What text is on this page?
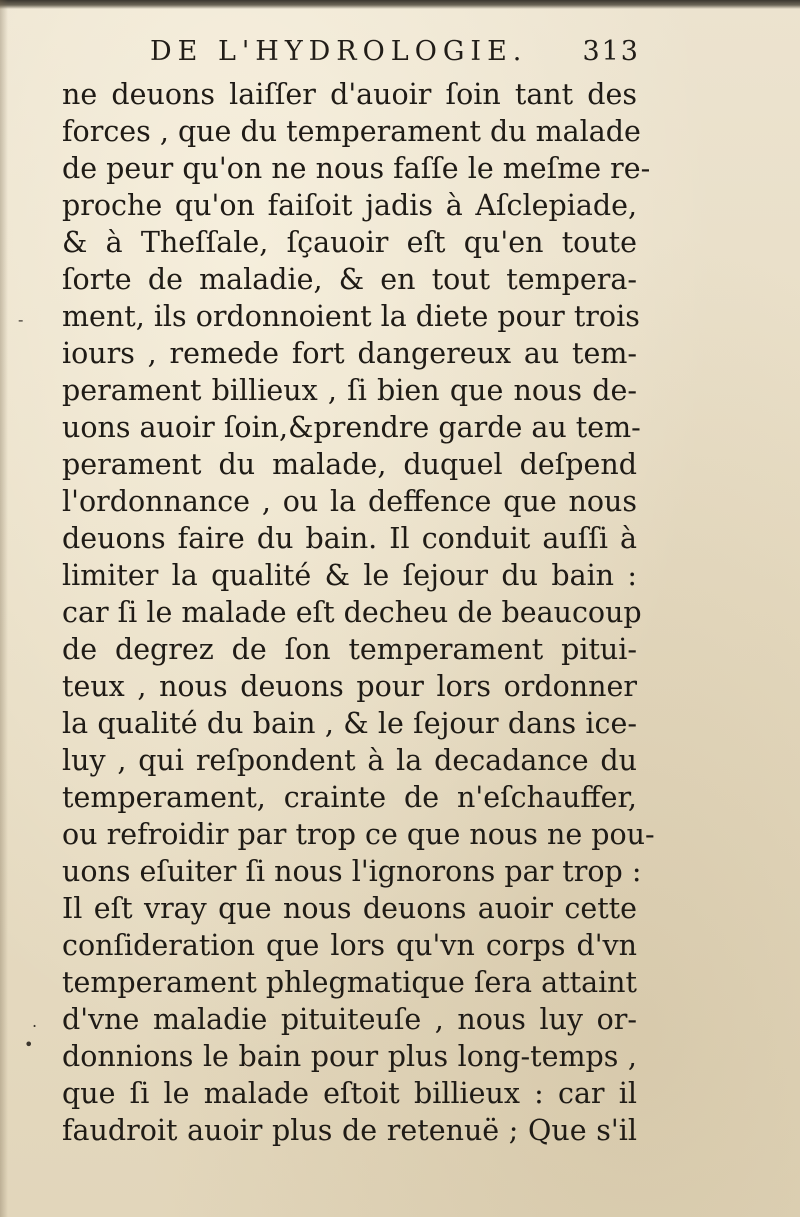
DE L'HYDROLOGIE. 313
-
.
•
ne deuons laiſſer d'auoir ſoin tant des
forces , que du temperament du malade
de peur qu'on ne nous faſſe le meſme re-
proche qu'on faiſoit jadis à Aſclepiade,
& à Theſſale, ſçauoir eſt qu'en toute
ſorte de maladie, & en tout tempera-
ment, ils ordonnoient la diete pour trois
iours , remede fort dangereux au tem-
perament billieux , ſi bien que nous de-
uons auoir ſoin,&prendre garde au tem-
perament du malade, duquel deſpend
l'ordonnance , ou la deffence que nous
deuons faire du bain. Il conduit auſſi à
limiter la qualité & le ſejour du bain :
car ſi le malade eſt decheu de beaucoup
de degrez de ſon temperament pitui-
teux , nous deuons pour lors ordonner
la qualité du bain , & le ſejour dans ice-
luy , qui reſpondent à la decadance du
temperament, crainte de n'eſchauffer,
ou refroidir par trop ce que nous ne pou-
uons eſuiter ſi nous l'ignorons par trop :
Il eſt vray que nous deuons auoir cette
conſideration que lors qu'vn corps d'vn
temperament phlegmatique ſera attaint
d'vne maladie pituiteuſe , nous luy or-
donnions le bain pour plus long-temps ,
que ſi le malade eſtoit billieux : car il
faudroit auoir plus de retenuë ; Que s'il
